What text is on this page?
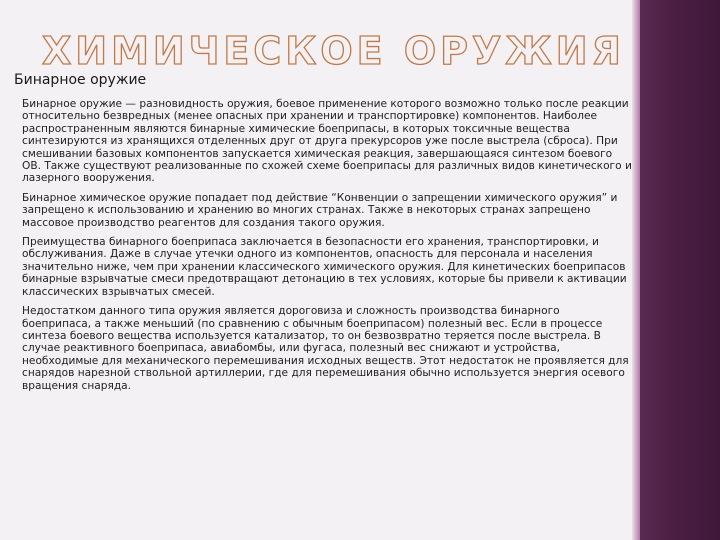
ХИМИЧЕСКОЕ ОРУЖИЯ
Бинарное оружие

Бинарное оружие — разновидность оружия, боевое применение которого возможно только после реакции относительно безвредных (менее опасных при хранении и транспортировке) компонентов. Наиболее распространенным являются бинарные химические боеприпасы, в которых токсичные вещества синтезируются из хранящихся отделенных друг от друга прекурсоров уже после выстрела (сброса). При смешивании базовых компонентов запускается химическая реакция, завершающаяся синтезом боевого ОВ. Также существуют реализованные по схожей схеме боеприпасы для различных видов кинетического и лазерного вооружения.

Бинарное химическое оружие попадает под действие “Конвенции о запрещении химического оружия” и запрещено к использованию и хранению во многих странах. Также в некоторых странах запрещено массовое производство реагентов для создания такого оружия.

Преимущества бинарного боеприпаса заключается в безопасности его хранения, транспортировки, и обслуживания. Даже в случае утечки одного из компонентов, опасность для персонала и населения значительно ниже, чем при хранении классического химического оружия. Для кинетических боеприпасов бинарные взрывчатые смеси предотвращают детонацию в тех условиях, которые бы привели к активации классических взрывчатых смесей.

Недостатком данного типа оружия является дороговиза и сложность производства бинарного боеприпаса, а также меньший (по сравнению с обычным боеприпасом) полезный вес. Если в процессе синтеза боевого вещества используется катализатор, то он безвозвратно теряется после выстрела. В случае реактивного боеприпаса, авиабомбы, или фугаса, полезный вес снижают и устройства, необходимые для механического перемешивания исходных веществ. Этот недостаток не проявляется для снарядов нарезной ствольной артиллерии, где для перемешивания обычно используется энергия осевого вращения снаряда.
